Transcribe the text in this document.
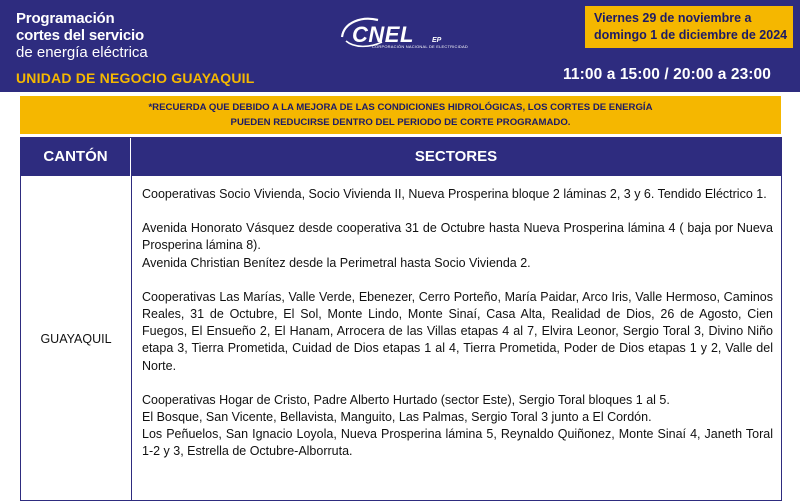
Programación
cortes del servicio
de energía eléctrica
UNIDAD DE NEGOCIO GUAYAQUIL
CNEL	EP
CORPORACIÓN NACIONAL DE ELECTRICIDAD
Viernes 29 de noviembre a
domingo 1 de diciembre de 2024
11:00 a 15:00 / 20:00 a 23:00
*RECUERDA QUE DEBIDO A LA MEJORA DE LAS CONDICIONES HIDROLÓGICAS, LOS CORTES DE ENERGÍA
PUEDEN REDUCIRSE DENTRO DEL PERIODO DE CORTE PROGRAMADO.
CANTÓN	SECTORES
GUAYAQUIL
Cooperativas Socio Vivienda, Socio Vivienda II, Nueva Prosperina bloque 2 láminas 2, 3 y 6. Tendido Eléctrico 1.
Avenida Honorato Vásquez desde cooperativa 31 de Octubre hasta Nueva Prosperina lámina 4 ( baja por Nueva Prosperina lámina 8).
Avenida Christian Benítez desde la Perimetral hasta Socio Vivienda 2.
Cooperativas Las Marías, Valle Verde, Ebenezer, Cerro Porteño, María Paidar, Arco Iris, Valle Hermoso, Caminos Reales, 31 de Octubre, El Sol, Monte Lindo, Monte Sinaí, Casa Alta, Realidad de Dios, 26 de Agosto, Cien Fuegos, El Ensueño 2, El Hanam, Arrocera de las Villas etapas 4 al 7, Elvira Leonor, Sergio Toral 3, Divino Niño etapa 3, Tierra Prometida, Cuidad de Dios etapas 1 al 4, Tierra Prometida, Poder de Dios etapas 1 y 2, Valle del Norte.
Cooperativas Hogar de Cristo, Padre Alberto Hurtado (sector Este), Sergio Toral bloques 1 al 5.
El Bosque, San Vicente, Bellavista, Manguito, Las Palmas, Sergio Toral 3 junto a El Cordón.
Los Peñuelos, San Ignacio Loyola, Nueva Prosperina lámina 5, Reynaldo Quiñonez, Monte Sinaí 4, Janeth Toral 1-2 y 3, Estrella de Octubre-Alborruta.
